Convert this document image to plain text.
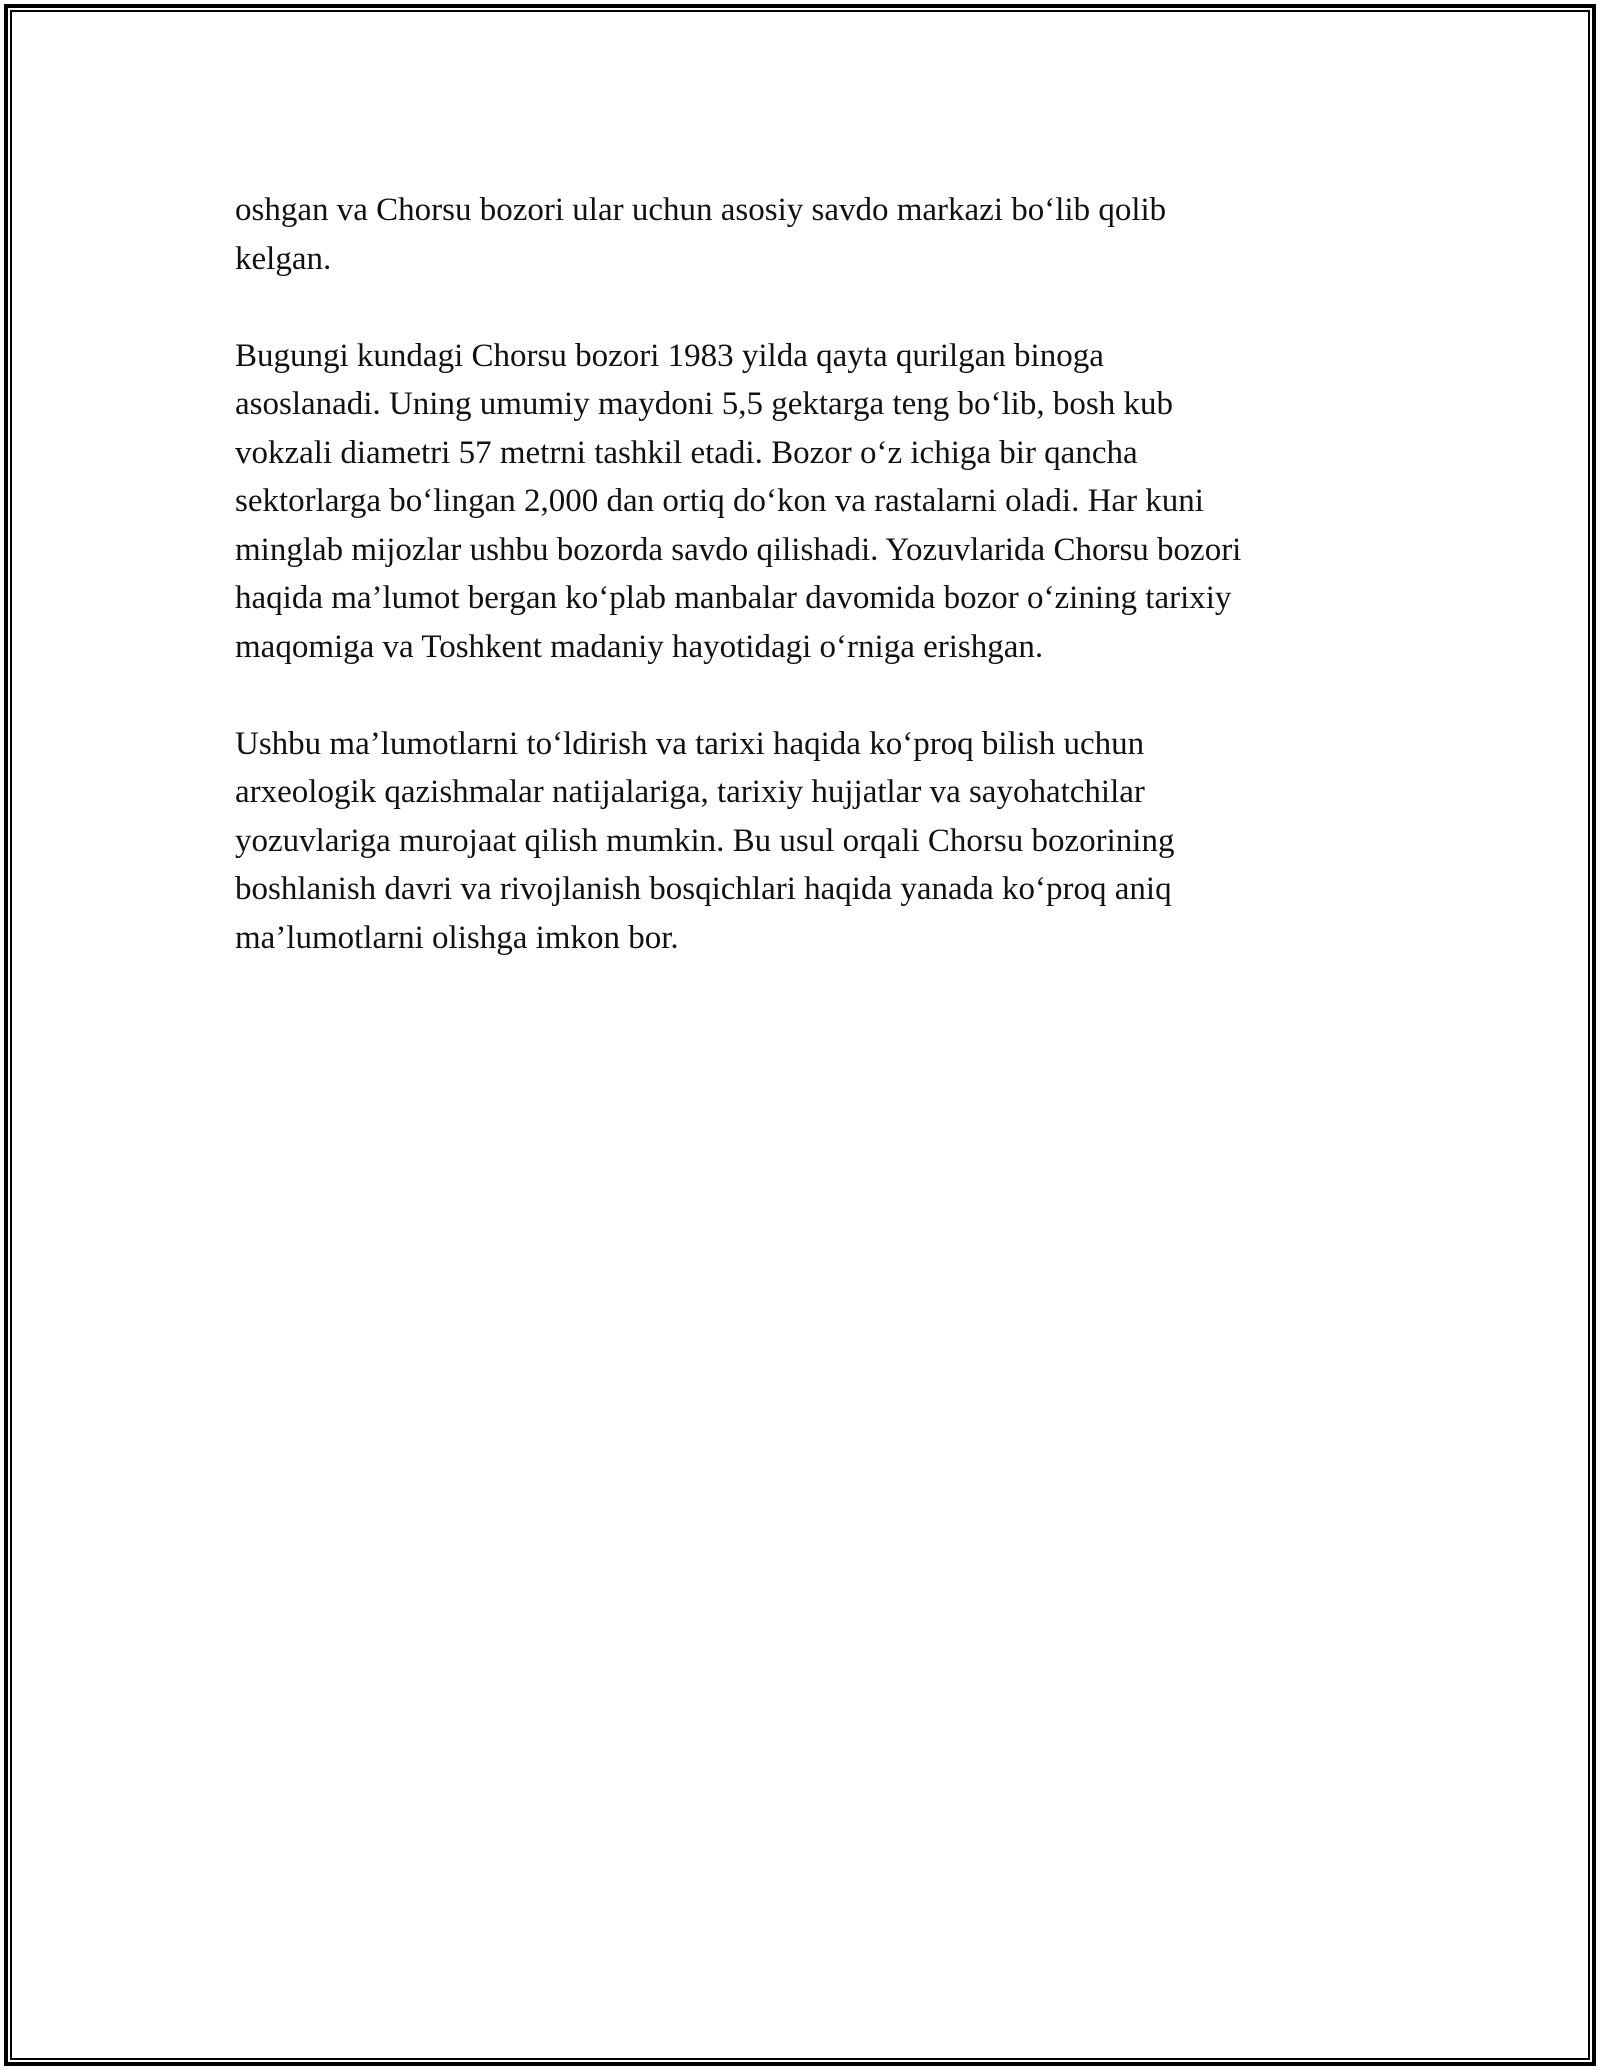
oshgan va Chorsu bozori ular uchun asosiy savdo markazi bo‘lib qolib
kelgan.

Bugungi kundagi Chorsu bozori 1983 yilda qayta qurilgan binoga
asoslanadi. Uning umumiy maydoni 5,5 gektarga teng bo‘lib, bosh kub
vokzali diametri 57 metrni tashkil etadi. Bozor o‘z ichiga bir qancha
sektorlarga bo‘lingan 2,000 dan ortiq do‘kon va rastalarni oladi. Har kuni
minglab mijozlar ushbu bozorda savdo qilishadi. Yozuvlarida Chorsu bozori
haqida ma’lumot bergan ko‘plab manbalar davomida bozor o‘zining tarixiy
maqomiga va Toshkent madaniy hayotidagi o‘rniga erishgan.

Ushbu ma’lumotlarni to‘ldirish va tarixi haqida ko‘proq bilish uchun
arxeologik qazishmalar natijalariga, tarixiy hujjatlar va sayohatchilar
yozuvlariga murojaat qilish mumkin. Bu usul orqali Chorsu bozorining
boshlanish davri va rivojlanish bosqichlari haqida yanada ko‘proq aniq
ma’lumotlarni olishga imkon bor.
